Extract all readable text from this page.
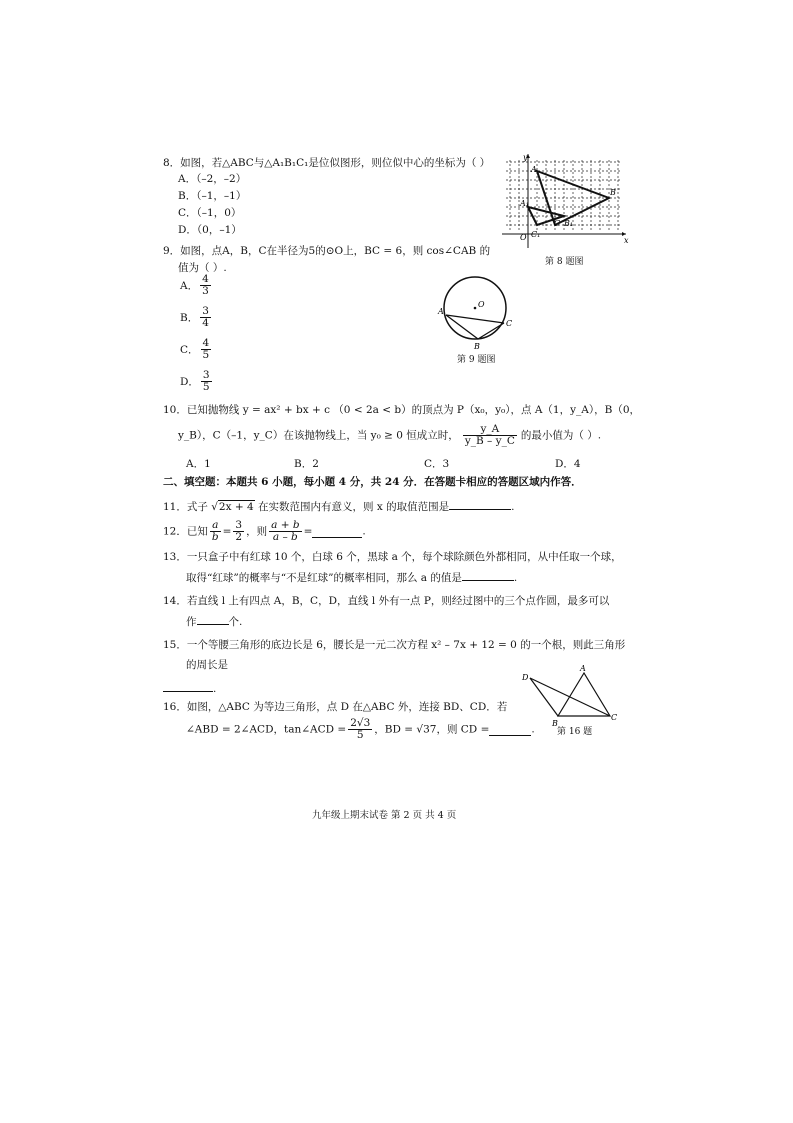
8．如图，若△ABC与△A₁B₁C₁是位似图形，则位似中心的坐标为（ ）
A．（–2，–2）
B．（–1，–1）
C．（–1，0）
D．（0，–1）
y
x
A
B
A₁
C₁
B₁
C
O
第 8 题图
9．如图，点A，B，C在半径为5的⊙O上，BC = 6，则 cos∠CAB 的
值为（ ）.
A． $\frac{4}{3}$
B． $\frac{3}{4}$
C． $\frac{4}{5}$
D． $\frac{3}{5}$
O
A
B
C
第 9 题图
10．已知抛物线 y = ax² + bx + c （0 < 2a < b）的顶点为 P（x₀，y₀），点 A（1，y_A），B（0，
y_B），C（–1，y_C）在该抛物线上，当 y₀ ≥ 0 恒成立时， $\frac{y\_A}{y\_B - y\_C}$ 的最小值为（ ）.
A．1	B．2	C．3	D．4
二、填空题：本题共 6 小题，每小题 4 分，共 24 分．在答题卡相应的答题区域内作答．
11．式子 √2x + 4 在实数范围内有意义，则 x 的取值范围是	.
12．已知 $\frac{a}{b} = \frac{3}{2}$ ，则 $\frac{a + b}{a - b}$ =	.
13．一只盒子中有红球 10 个，白球 6 个，黑球 a 个，每个球除颜色外都相同，从中任取一个球，
取得“红球”的概率与“不是红球”的概率相同，那么 a 的值是	.
14．若直线 l 上有四点 A，B，C，D，直线 l 外有一点 P，则经过图中的三个点作圆，最多可以
作	个.
15．一个等腰三角形的底边长是 6，腰长是一元二次方程 x² – 7x + 12 = 0 的一个根，则此三角形
的周长是
.
16．如图，△ABC 为等边三角形，点 D 在△ABC 外，连接 BD、CD．若
∠ABD = 2∠ACD，tan∠ACD = $\frac{2√3}{5}$ ，BD = √37，则 CD =	.
A
D
B
C
第 16 题
九年级上期末试卷 第 2 页 共 4 页
